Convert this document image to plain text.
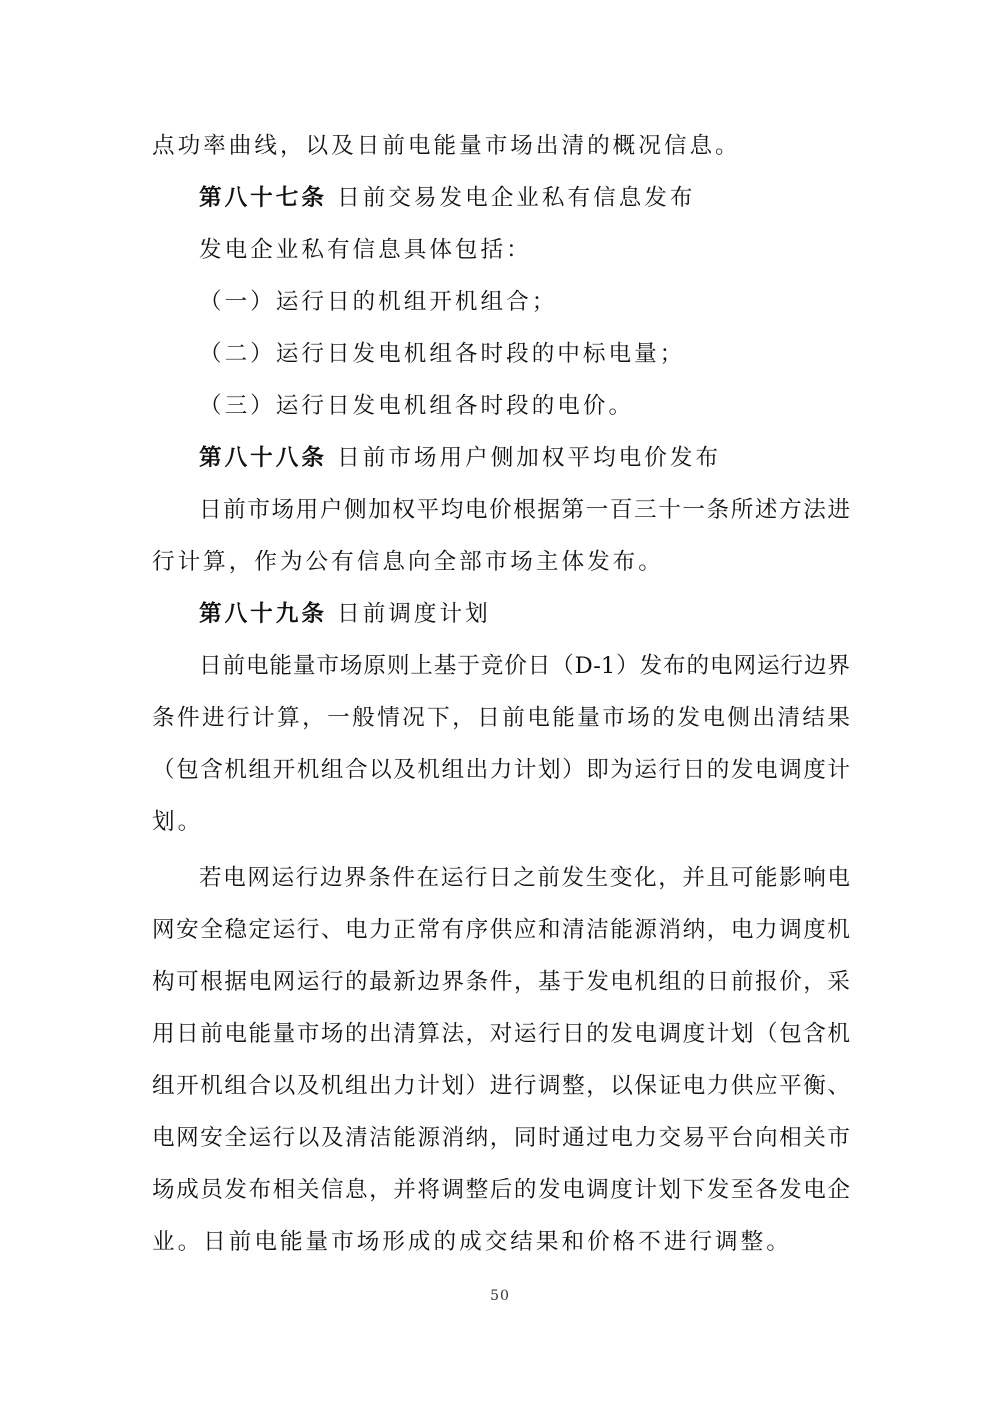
点功率曲线，以及日前电能量市场出清的概况信息。
第八十七条 日前交易发电企业私有信息发布
发电企业私有信息具体包括：
（一）运行日的机组开机组合；
（二）运行日发电机组各时段的中标电量；
（三）运行日发电机组各时段的电价。
第八十八条 日前市场用户侧加权平均电价发布
日前市场用户侧加权平均电价根据第一百三十一条所述方法进
行计算，作为公有信息向全部市场主体发布。
第八十九条 日前调度计划
日前电能量市场原则上基于竞价日（D-1）发布的电网运行边界
条件进行计算，一般情况下，日前电能量市场的发电侧出清结果
（包含机组开机组合以及机组出力计划）即为运行日的发电调度计
划。
若电网运行边界条件在运行日之前发生变化，并且可能影响电
网安全稳定运行、电力正常有序供应和清洁能源消纳，电力调度机
构可根据电网运行的最新边界条件，基于发电机组的日前报价，采
用日前电能量市场的出清算法，对运行日的发电调度计划（包含机
组开机组合以及机组出力计划）进行调整，以保证电力供应平衡、
电网安全运行以及清洁能源消纳，同时通过电力交易平台向相关市
场成员发布相关信息，并将调整后的发电调度计划下发至各发电企
业。日前电能量市场形成的成交结果和价格不进行调整。
50
